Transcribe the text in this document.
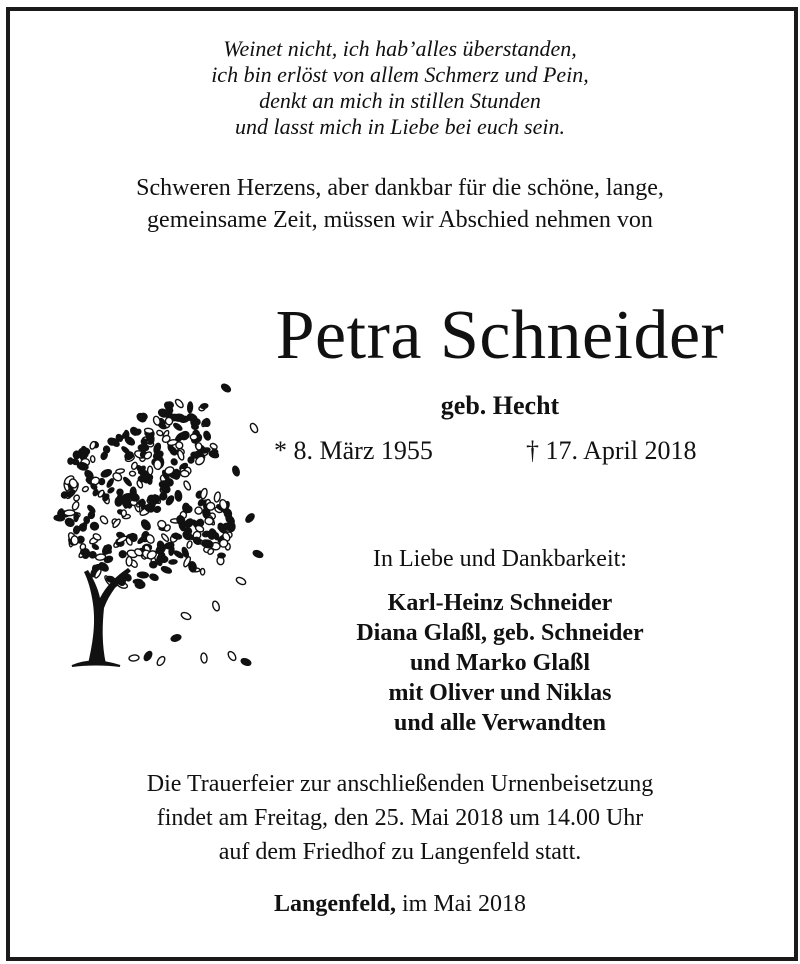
Weinet nicht, ich hab’alles überstanden,
ich bin erlöst von allem Schmerz und Pein,
denkt an mich in stillen Stunden
und lasst mich in Liebe bei euch sein.
Schweren Herzens, aber dankbar für die schöne, lange,
gemeinsame Zeit, müssen wir Abschied nehmen von
Petra Schneider
geb. Hecht
* 8. März 1955	† 17. April 2018
In Liebe und Dankbarkeit:
Karl-Heinz Schneider
Diana Glaßl, geb. Schneider
und Marko Glaßl
mit Oliver und Niklas
und alle Verwandten
Die Trauerfeier zur anschließenden Urnenbeisetzung
findet am Freitag, den 25. Mai 2018 um 14.00 Uhr
auf dem Friedhof zu Langenfeld statt.
Langenfeld, im Mai 2018
